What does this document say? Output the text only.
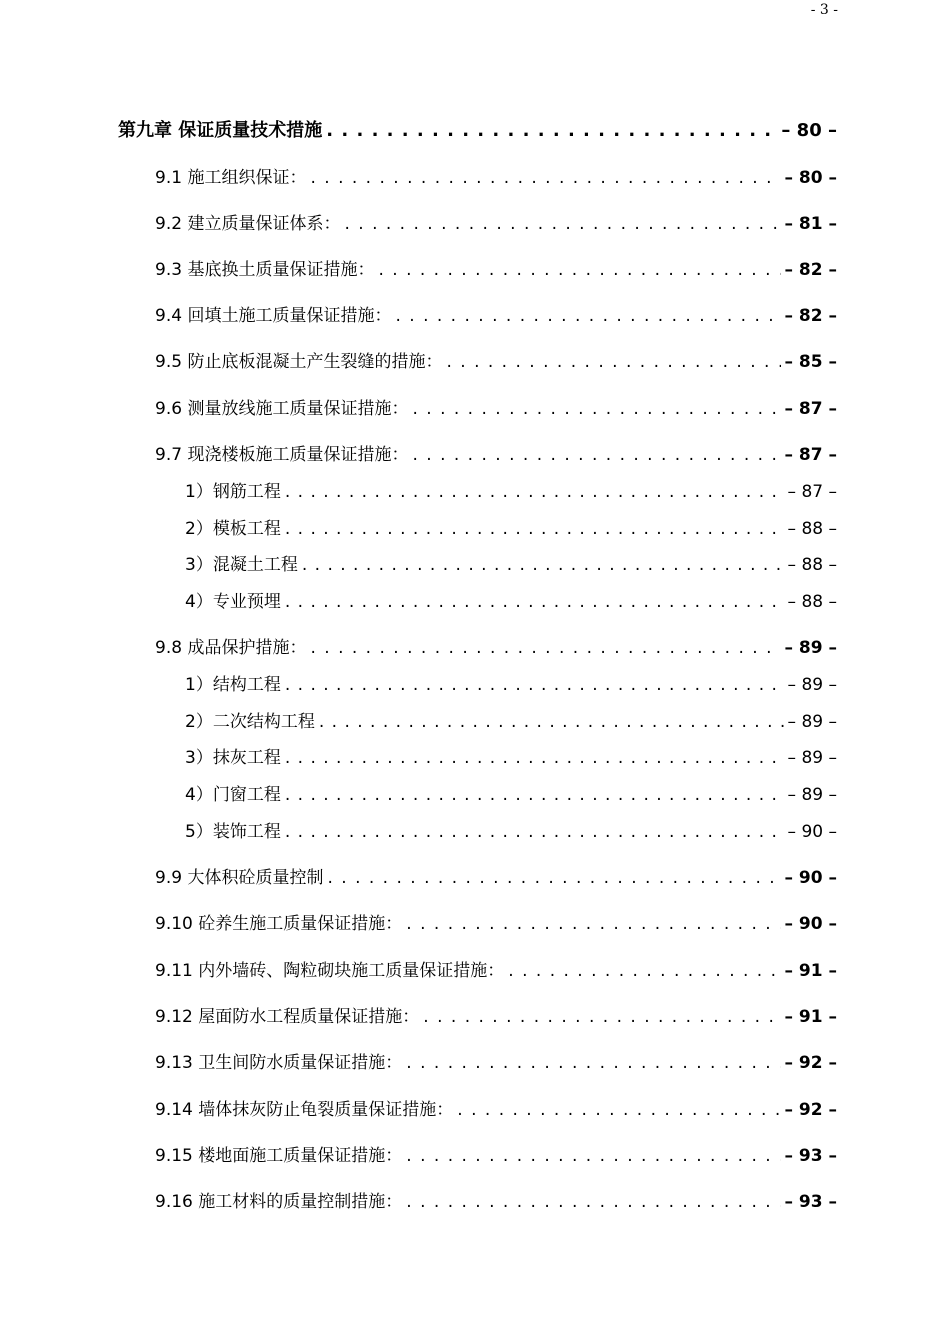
- 3 -
第九章 保证质量技术措施 . . .	– 80 –
9.1 施工组织保证： . . .	– 80 –
9.2 建立质量保证体系： . . .	– 81 –
9.3 基底换土质量保证措施： . . .	– 82 –
9.4 回填土施工质量保证措施： . . .	– 82 –
9.5 防止底板混凝土产生裂缝的措施： . . .	– 85 –
9.6 测量放线施工质量保证措施： . . .	– 87 –
9.7 现浇楼板施工质量保证措施： . . .	– 87 –
1）钢筋工程 . . .	– 87 –
2）模板工程 . . .	– 88 –
3）混凝土工程 . . .	– 88 –
4）专业预埋 . . .	– 88 –
9.8 成品保护措施： . . .	– 89 –
1）结构工程 . . .	– 89 –
2）二次结构工程 . . .	– 89 –
3）抹灰工程 . . .	– 89 –
4）门窗工程 . . .	– 89 –
5）装饰工程 . . .	– 90 –
9.9 大体积砼质量控制 . . .	– 90 –
9.10 砼养生施工质量保证措施： . . .	– 90 –
9.11 内外墙砖、陶粒砌块施工质量保证措施： . . .	– 91 –
9.12 屋面防水工程质量保证措施： . . .	– 91 –
9.13 卫生间防水质量保证措施： . . .	– 92 –
9.14 墙体抹灰防止龟裂质量保证措施： . . .	– 92 –
9.15 楼地面施工质量保证措施： . . .	– 93 –
9.16 施工材料的质量控制措施： . . .	– 93 –
